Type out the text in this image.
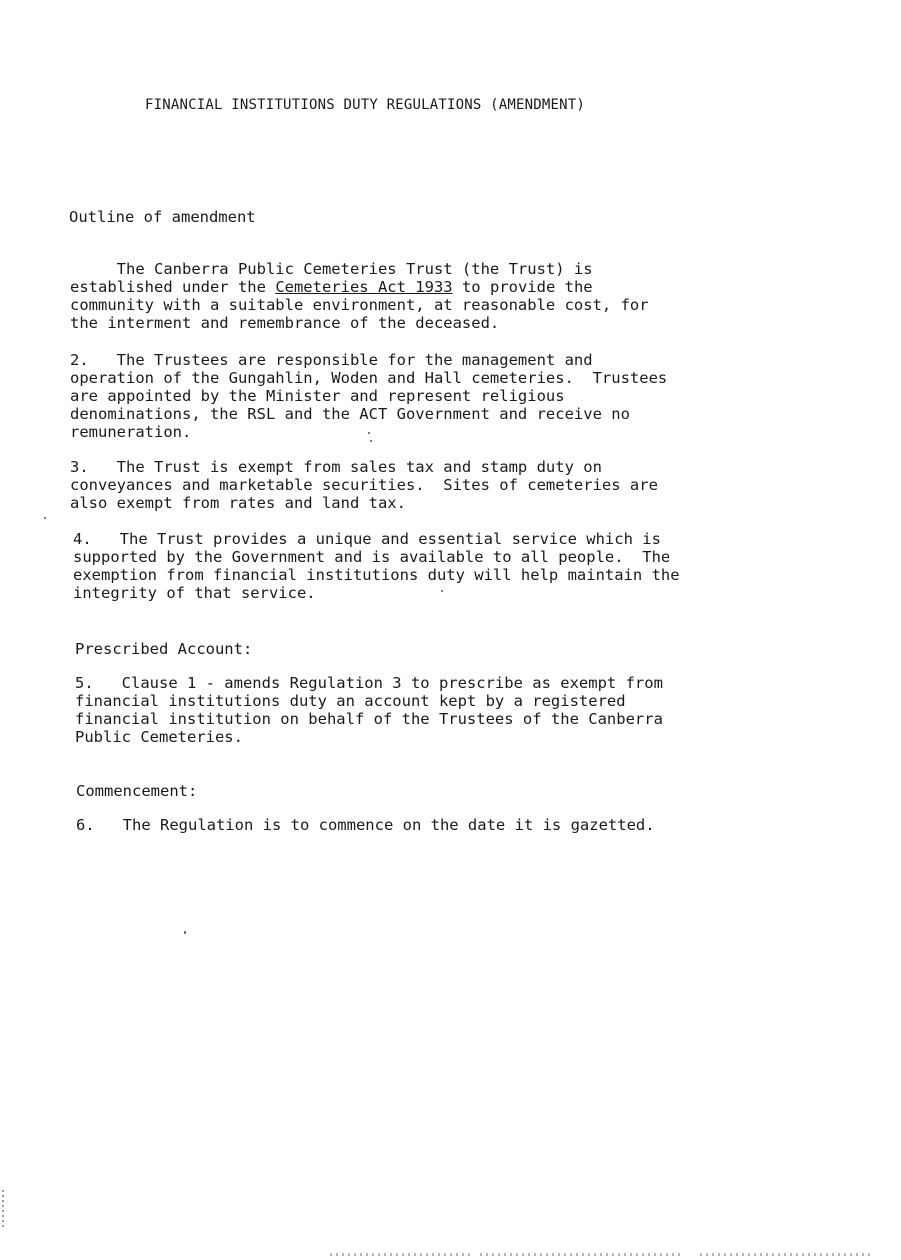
FINANCIAL INSTITUTIONS DUTY REGULATIONS (AMENDMENT)
Outline of amendment
The Canberra Public Cemeteries Trust (the Trust) is
established under the Cemeteries Act 1933 to provide the
community with a suitable environment, at reasonable cost, for
the interment and remembrance of the deceased.
2.   The Trustees are responsible for the management and
operation of the Gungahlin, Woden and Hall cemeteries.  Trustees
are appointed by the Minister and represent religious
denominations, the RSL and the ACT Government and receive no
remuneration.
3.   The Trust is exempt from sales tax and stamp duty on
conveyances and marketable securities.  Sites of cemeteries are
also exempt from rates and land tax.
4.   The Trust provides a unique and essential service which is
supported by the Government and is available to all people.  The
exemption from financial institutions duty will help maintain the
integrity of that service.
Prescribed Account:
5.   Clause 1 - amends Regulation 3 to prescribe as exempt from
financial institutions duty an account kept by a registered
financial institution on behalf of the Trustees of the Canberra
Public Cemeteries.
Commencement:
6.   The Regulation is to commence on the date it is gazetted.
